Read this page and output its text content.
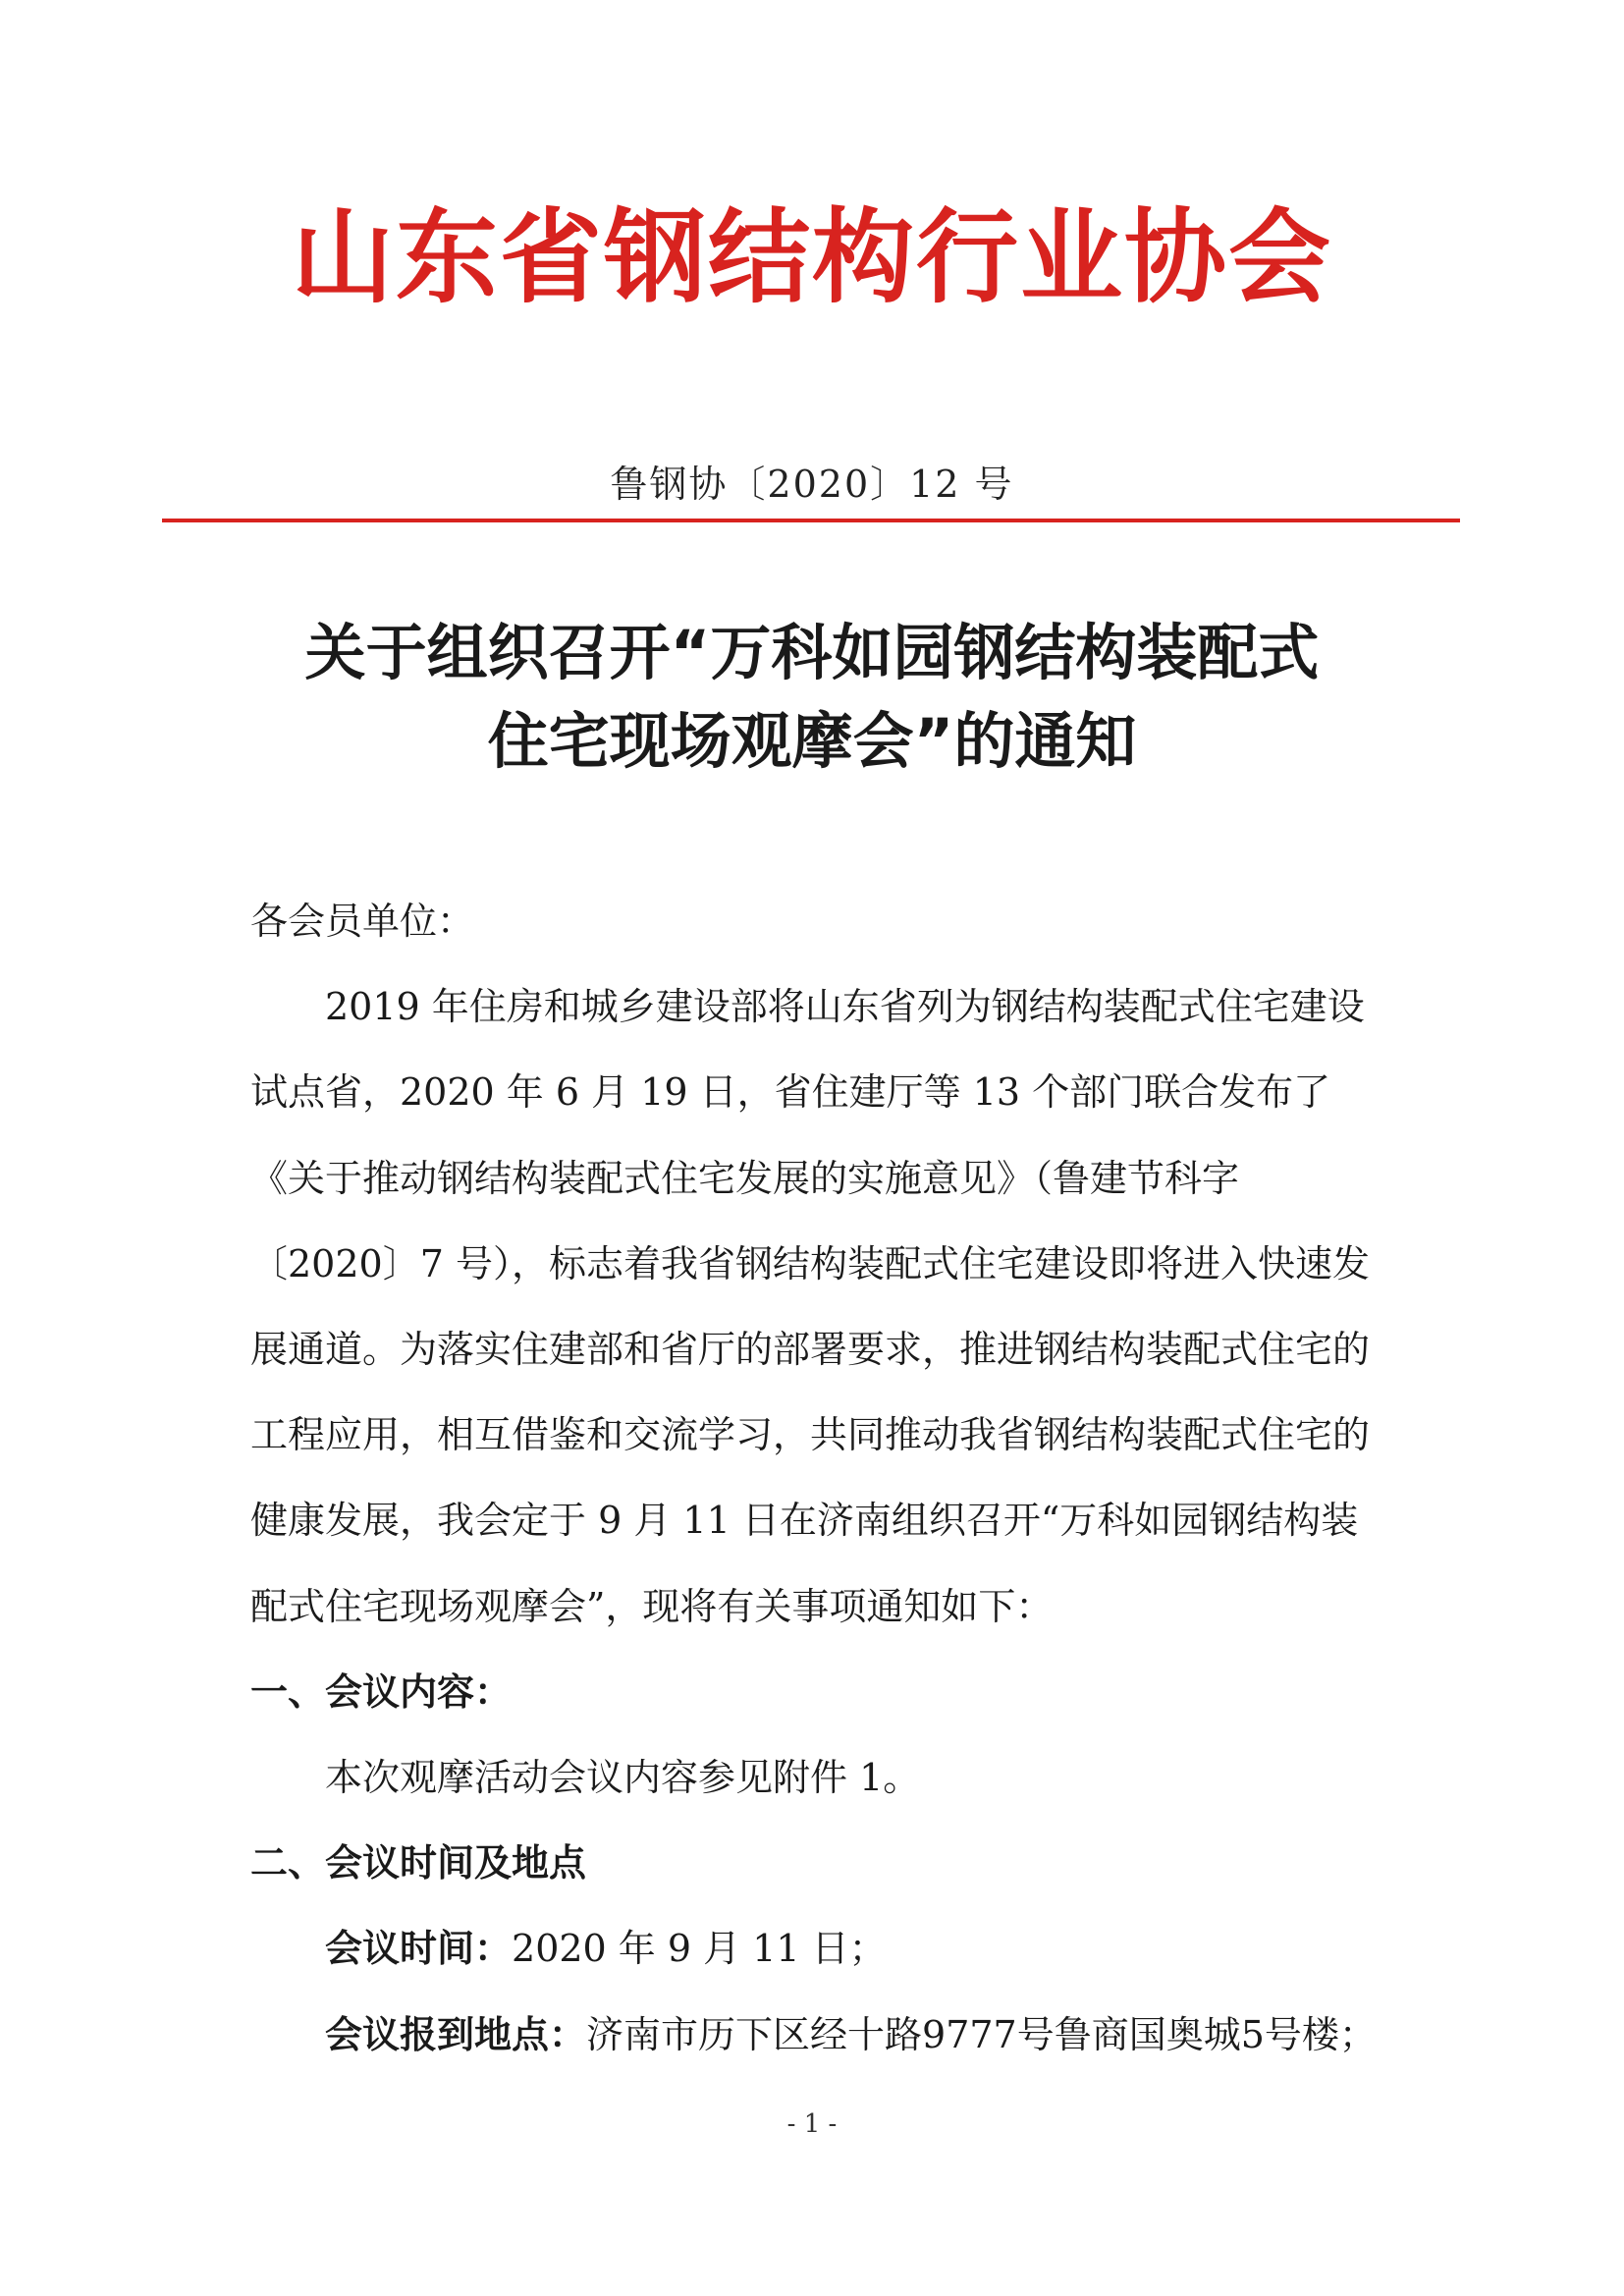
山东省钢结构行业协会
鲁钢协〔2020〕12 号
关于组织召开“万科如园钢结构装配式
住宅现场观摩会”的通知

各会员单位：

2019 年住房和城乡建设部将山东省列为钢结构装配式住宅建设试点省，2020 年 6 月 19 日，省住建厅等 13 个部门联合发布了《关于推动钢结构装配式住宅发展的实施意见》（鲁建节科字〔2020〕7 号），标志着我省钢结构装配式住宅建设即将进入快速发展通道。为落实住建部和省厅的部署要求，推进钢结构装配式住宅的工程应用，相互借鉴和交流学习，共同推动我省钢结构装配式住宅的健康发展，我会定于 9 月 11 日在济南组织召开“万科如园钢结构装配式住宅现场观摩会”，现将有关事项通知如下：

一、会议内容：

本次观摩活动会议内容参见附件 1。

二、会议时间及地点

会议时间：2020 年 9 月 11 日；

会议报到地点：济南市历下区经十路9777号鲁商国奥城5号楼；

- 1 -
